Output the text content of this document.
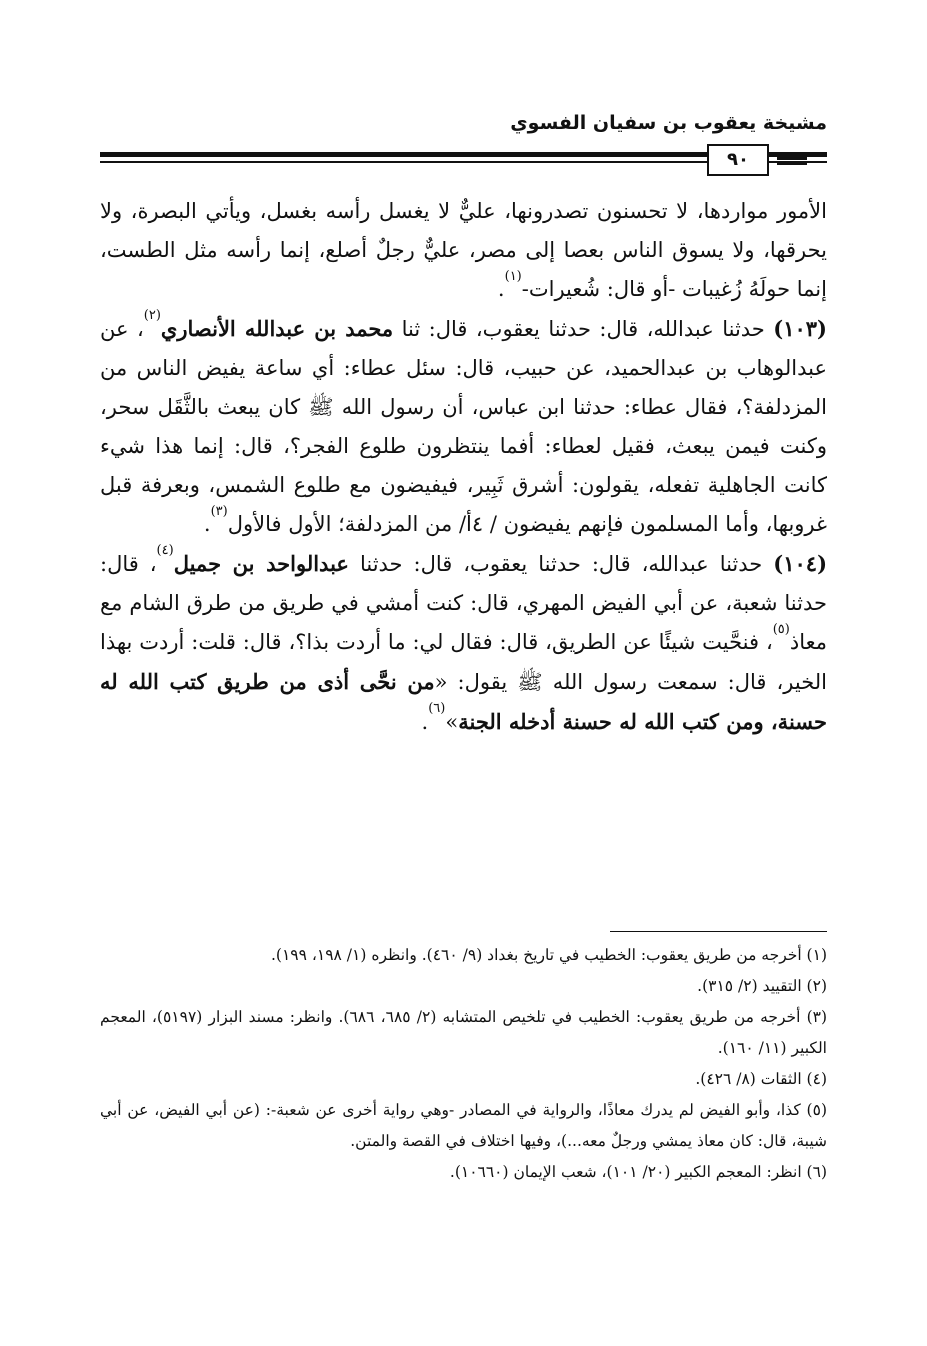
مشيخة يعقوب بن سفيان الفسوي
٩٠

الأمور مواردها، لا تحسنون تصدرونها، عليٌّ لا يغسل رأسه بغسل، ويأتي البصرة، ولا يحرقها، ولا يسوق الناس بعصا إلى مصر، عليٌّ رجلٌ أصلع، إنما رأسه مثل الطست، إنما حولَهُ زُغيبات -أو قال: شُعيرات-$^{(١)}$.

(١٠٣) حدثنا عبدالله، قال: حدثنا يعقوب، قال: ثنا محمد بن عبدالله الأنصاري$^{(٢)}$، عن عبدالوهاب بن عبدالحميد، عن حبيب، قال: سئل عطاء: أي ساعة يفيض الناس من المزدلفة؟، فقال عطاء: حدثنا ابن عباس، أن رسول الله ﷺ كان يبعث بالثَّقَل سحر، وكنت فيمن يبعث، فقيل لعطاء: أفما ينتظرون طلوع الفجر؟، قال: إنما هذا شيء كانت الجاهلية تفعله، يقولون: أشرق ثَبِير، فيفيضون مع طلوع الشمس، وبعرفة قبل غروبها، وأما المسلمون فإنهم يفيضون / ٤أ/ من المزدلفة؛ الأول فالأول$^{(٣)}$.

(١٠٤) حدثنا عبدالله، قال: حدثنا يعقوب، قال: حدثنا عبدالواحد بن جميل$^{(٤)}$، قال: حدثنا شعبة، عن أبي الفيض المهري، قال: كنت أمشي في طريق من طرق الشام مع معاذ$^{(٥)}$، فنحَّيت شيئًا عن الطريق، قال: فقال لي: ما أردت بذا؟، قال: قلت: أردت بهذا الخير، قال: سمعت رسول الله ﷺ يقول: «من نحَّى أذى من طريق كتب الله له حسنة، ومن كتب الله له حسنة أدخله الجنة»$^{(٦)}$.

(١) أخرجه من طريق يعقوب: الخطيب في تاريخ بغداد (٩/ ٤٦٠). وانظره (١/ ١٩٨، ١٩٩).

(٢) التقييد (٢/ ٣١٥).

(٣) أخرجه من طريق يعقوب: الخطيب في تلخيص المتشابه (٢/ ٦٨٥، ٦٨٦). وانظر: مسند البزار (٥١٩٧)، المعجم الكبير (١١/ ١٦٠).

(٤) الثقات (٨/ ٤٢٦).

(٥) كذا، وأبو الفيض لم يدرك معاذًا، والرواية في المصادر -وهي رواية أخرى عن شعبة-: (عن أبي الفيض، عن أبي شيبة، قال: كان معاذ يمشي ورجلٌ معه...)، وفيها اختلاف في القصة والمتن.

(٦) انظر: المعجم الكبير (٢٠/ ١٠١)، شعب الإيمان (١٠٦٦٠).
